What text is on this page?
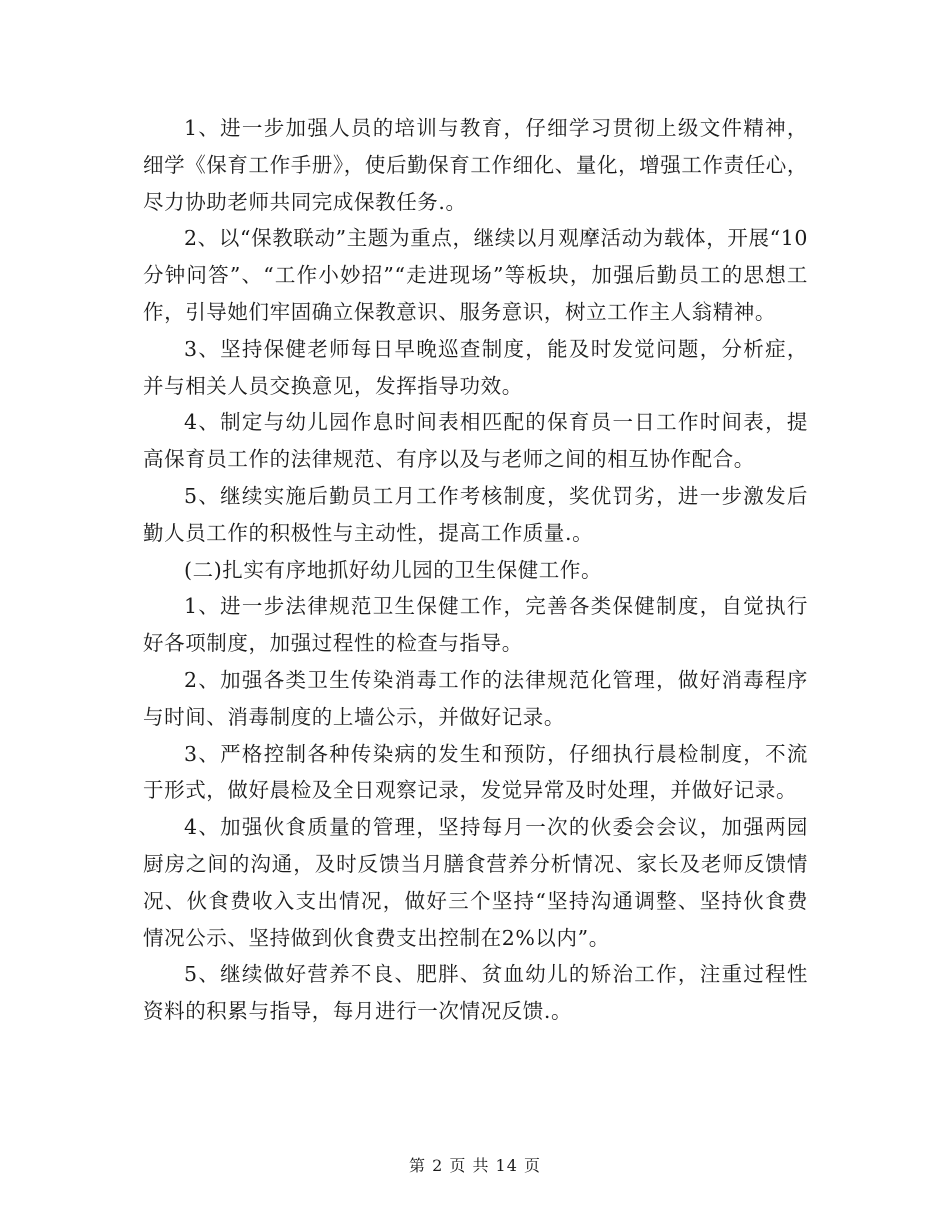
1、进一步加强人员的培训与教育，仔细学习贯彻上级文件精神，细学《保育工作手册》，使后勤保育工作细化、量化，增强工作责任心，尽力协助老师共同完成保教任务.。

2、以“保教联动”主题为重点，继续以月观摩活动为载体，开展“10分钟问答”、“工作小妙招”“走进现场”等板块，加强后勤员工的思想工作，引导她们牢固确立保教意识、服务意识，树立工作主人翁精神。

3、坚持保健老师每日早晚巡查制度，能及时发觉问题，分析症，并与相关人员交换意见，发挥指导功效。

4、制定与幼儿园作息时间表相匹配的保育员一日工作时间表，提高保育员工作的法律规范、有序以及与老师之间的相互协作配合。

5、继续实施后勤员工月工作考核制度，奖优罚劣，进一步激发后勤人员工作的积极性与主动性，提高工作质量.。

(二)扎实有序地抓好幼儿园的卫生保健工作。

1、进一步法律规范卫生保健工作，完善各类保健制度，自觉执行好各项制度，加强过程性的检查与指导。

2、加强各类卫生传染消毒工作的法律规范化管理，做好消毒程序与时间、消毒制度的上墙公示，并做好记录。

3、严格控制各种传染病的发生和预防，仔细执行晨检制度，不流于形式，做好晨检及全日观察记录，发觉异常及时处理，并做好记录。

4、加强伙食质量的管理，坚持每月一次的伙委会会议，加强两园厨房之间的沟通，及时反馈当月膳食营养分析情况、家长及老师反馈情况、伙食费收入支出情况，做好三个坚持“坚持沟通调整、坚持伙食费情况公示、坚持做到伙食费支出控制在2%以内”。

5、继续做好营养不良、肥胖、贫血幼儿的矫治工作，注重过程性资料的积累与指导，每月进行一次情况反馈.。

第 2 页 共 14 页
